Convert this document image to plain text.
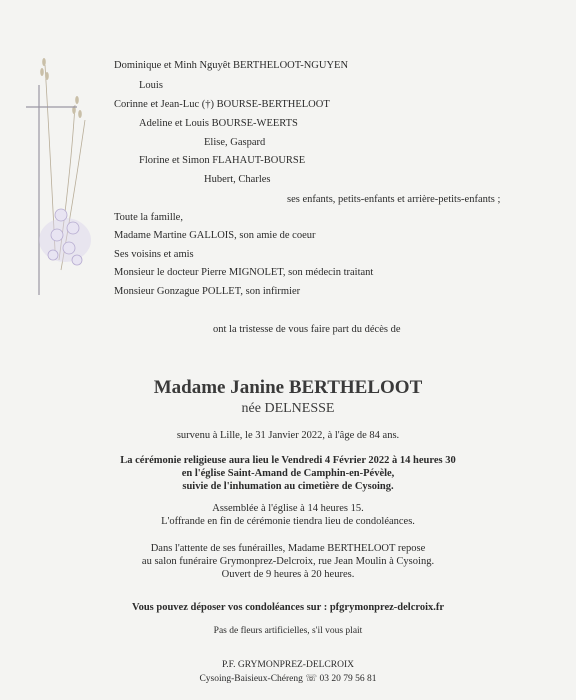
Dominique et Minh Nguyêt BERTHELOOT-NGUYEN
Louis
Corinne et Jean-Luc (†) BOURSE-BERTHELOOT
Adeline et Louis BOURSE-WEERTS
Elise, Gaspard
Florine et Simon FLAHAUT-BOURSE
Hubert, Charles
ses enfants, petits-enfants et arrière-petits-enfants ;
Toute la famille,
Madame Martine GALLOIS, son amie de coeur
Ses voisins et amis
Monsieur le docteur Pierre MIGNOLET, son médecin traitant
Monsieur Gonzague POLLET, son infirmier
ont la tristesse de vous faire part du décès de
Madame Janine BERTHELOOT
née DELNESSE
survenu à Lille, le 31 Janvier 2022, à l'âge de 84 ans.
La cérémonie religieuse aura lieu le Vendredi 4 Février 2022 à 14 heures 30
en l'église Saint-Amand de Camphin-en-Pévèle,
suivie de l'inhumation au cimetière de Cysoing.
Assemblée à l'église à 14 heures 15.
L'offrande en fin de cérémonie tiendra lieu de condoléances.
Dans l'attente de ses funérailles, Madame BERTHELOOT repose
au salon funéraire Grymonprez-Delcroix, rue Jean Moulin à Cysoing.
Ouvert de 9 heures à 20 heures.
Vous pouvez déposer vos condoléances sur : pfgrymonprez-delcroix.fr
Pas de fleurs artificielles, s'il vous plait
P.F. GRYMONPREZ-DELCROIX
Cysoing-Baisieux-Chéreng ☏ 03 20 79 56 81
